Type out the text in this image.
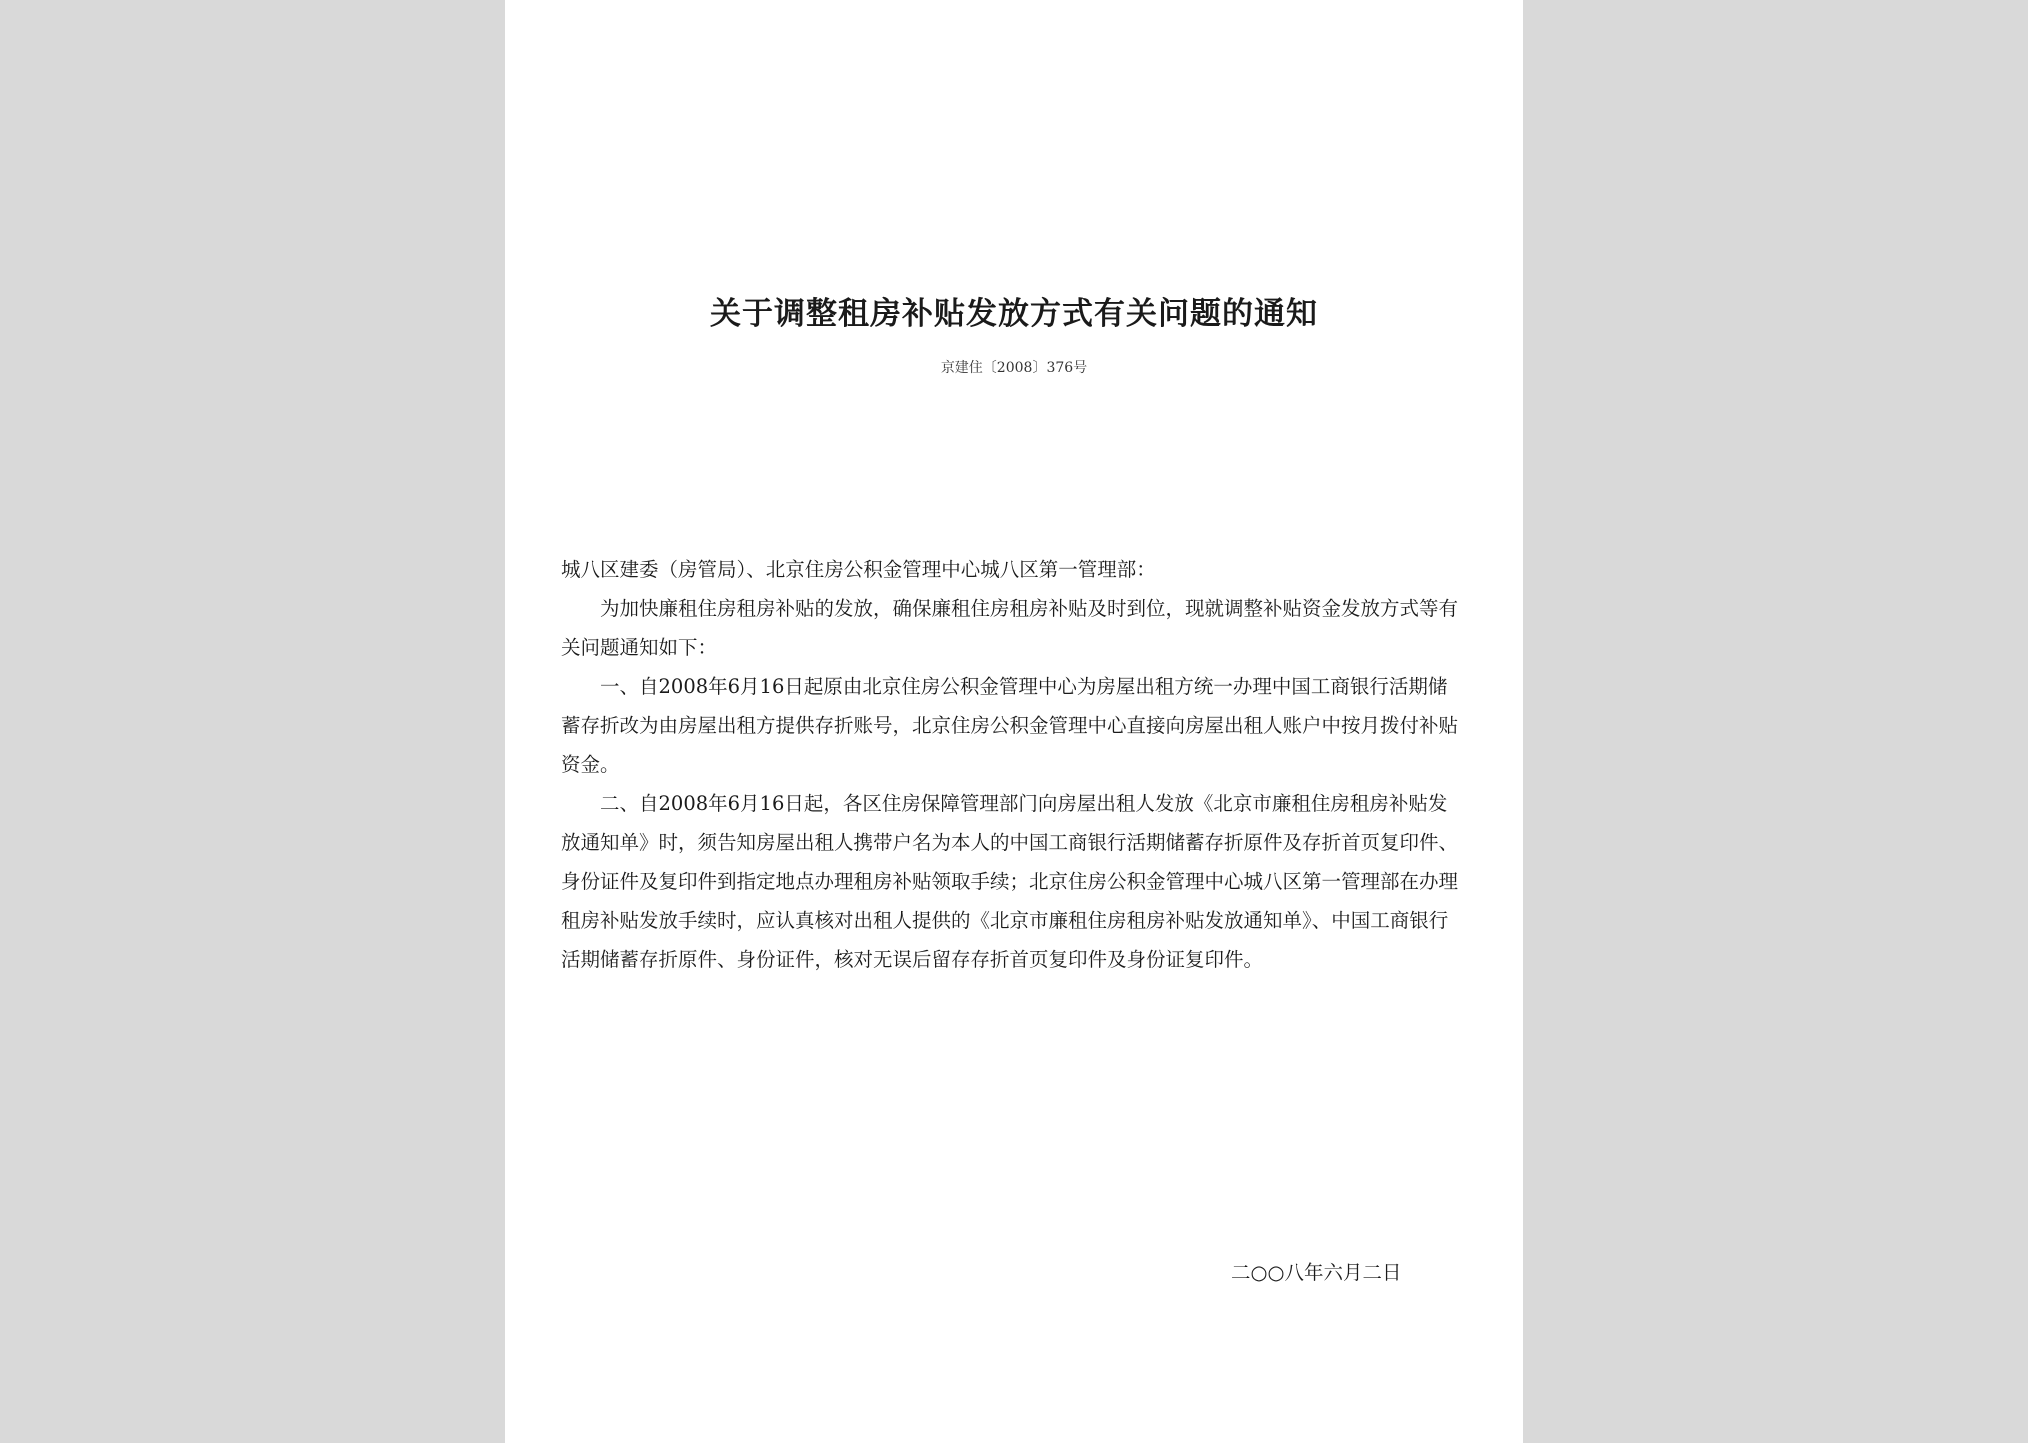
关于调整租房补贴发放方式有关问题的通知
京建住〔2008〕376号

城八区建委（房管局）、北京住房公积金管理中心城八区第一管理部：

为加快廉租住房租房补贴的发放，确保廉租住房租房补贴及时到位，现就调整补贴资金发放方式等有关问题通知如下：

一、自2008年6月16日起原由北京住房公积金管理中心为房屋出租方统一办理中国工商银行活期储蓄存折改为由房屋出租方提供存折账号，北京住房公积金管理中心直接向房屋出租人账户中按月拨付补贴资金。

二、自2008年6月16日起，各区住房保障管理部门向房屋出租人发放《北京市廉租住房租房补贴发放通知单》时，须告知房屋出租人携带户名为本人的中国工商银行活期储蓄存折原件及存折首页复印件、身份证件及复印件到指定地点办理租房补贴领取手续；北京住房公积金管理中心城八区第一管理部在办理租房补贴发放手续时，应认真核对出租人提供的《北京市廉租住房租房补贴发放通知单》、中国工商银行活期储蓄存折原件、身份证件，核对无误后留存存折首页复印件及身份证复印件。

二○○八年六月二日
